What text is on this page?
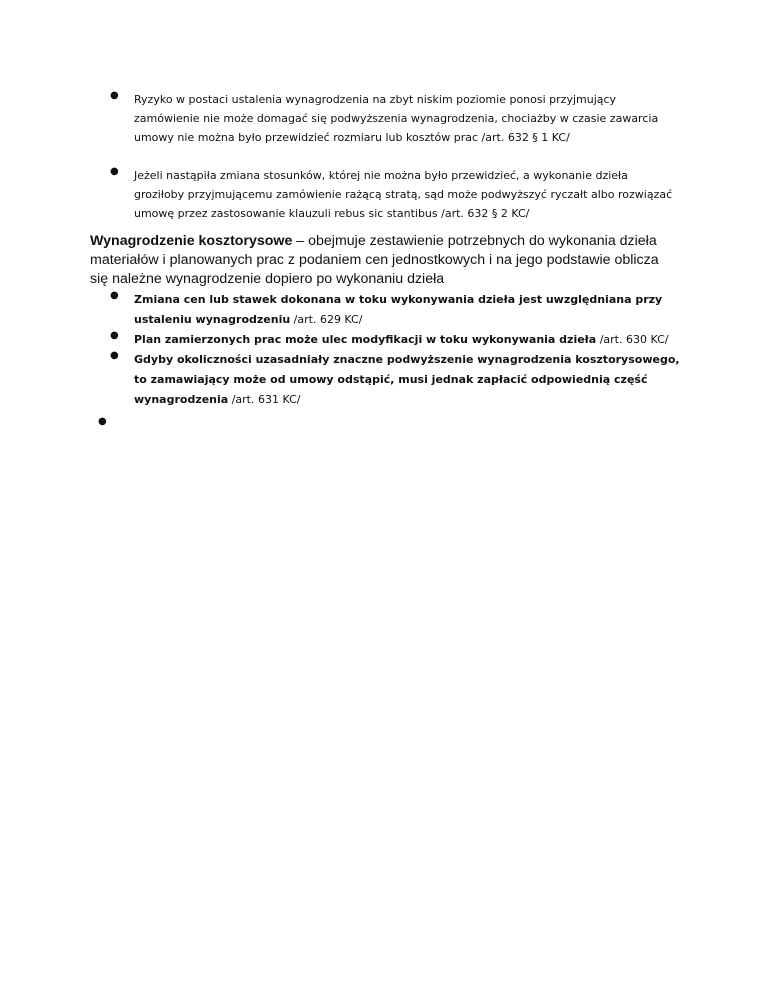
●	Ryzyko w postaci ustalenia wynagrodzenia na zbyt niskim poziomie ponosi przyjmujący zamówienie nie może domagać się podwyższenia wynagrodzenia, chociażby w czasie zawarcia umowy nie można było przewidzieć rozmiaru lub kosztów prac /art. 632 § 1 KC/
●	Jeżeli nastąpiła zmiana stosunków, której nie można było przewidzieć, a wykonanie dzieła groziłoby przyjmującemu zamówienie rażącą stratą, sąd może podwyższyć ryczałt albo rozwiązać umowę przez zastosowanie klauzuli rebus sic stantibus /art. 632 § 2 KC/

Wynagrodzenie kosztorysowe – obejmuje zestawienie potrzebnych do wykonania dzieła materiałów i planowanych prac z podaniem cen jednostkowych i na jego podstawie oblicza się należne wynagrodzenie dopiero po wykonaniu dzieła

●	Zmiana cen lub stawek dokonana w toku wykonywania dzieła jest uwzględniana przy ustaleniu wynagrodzeniu /art. 629 KC/
●	Plan zamierzonych prac może ulec modyfikacji w toku wykonywania dzieła /art. 630 KC/
●	Gdyby okoliczności uzasadniały znaczne podwyższenie wynagrodzenia kosztorysowego, to zamawiający może od umowy odstąpić, musi jednak zapłacić odpowiednią część wynagrodzenia /art. 631 KC/
●
